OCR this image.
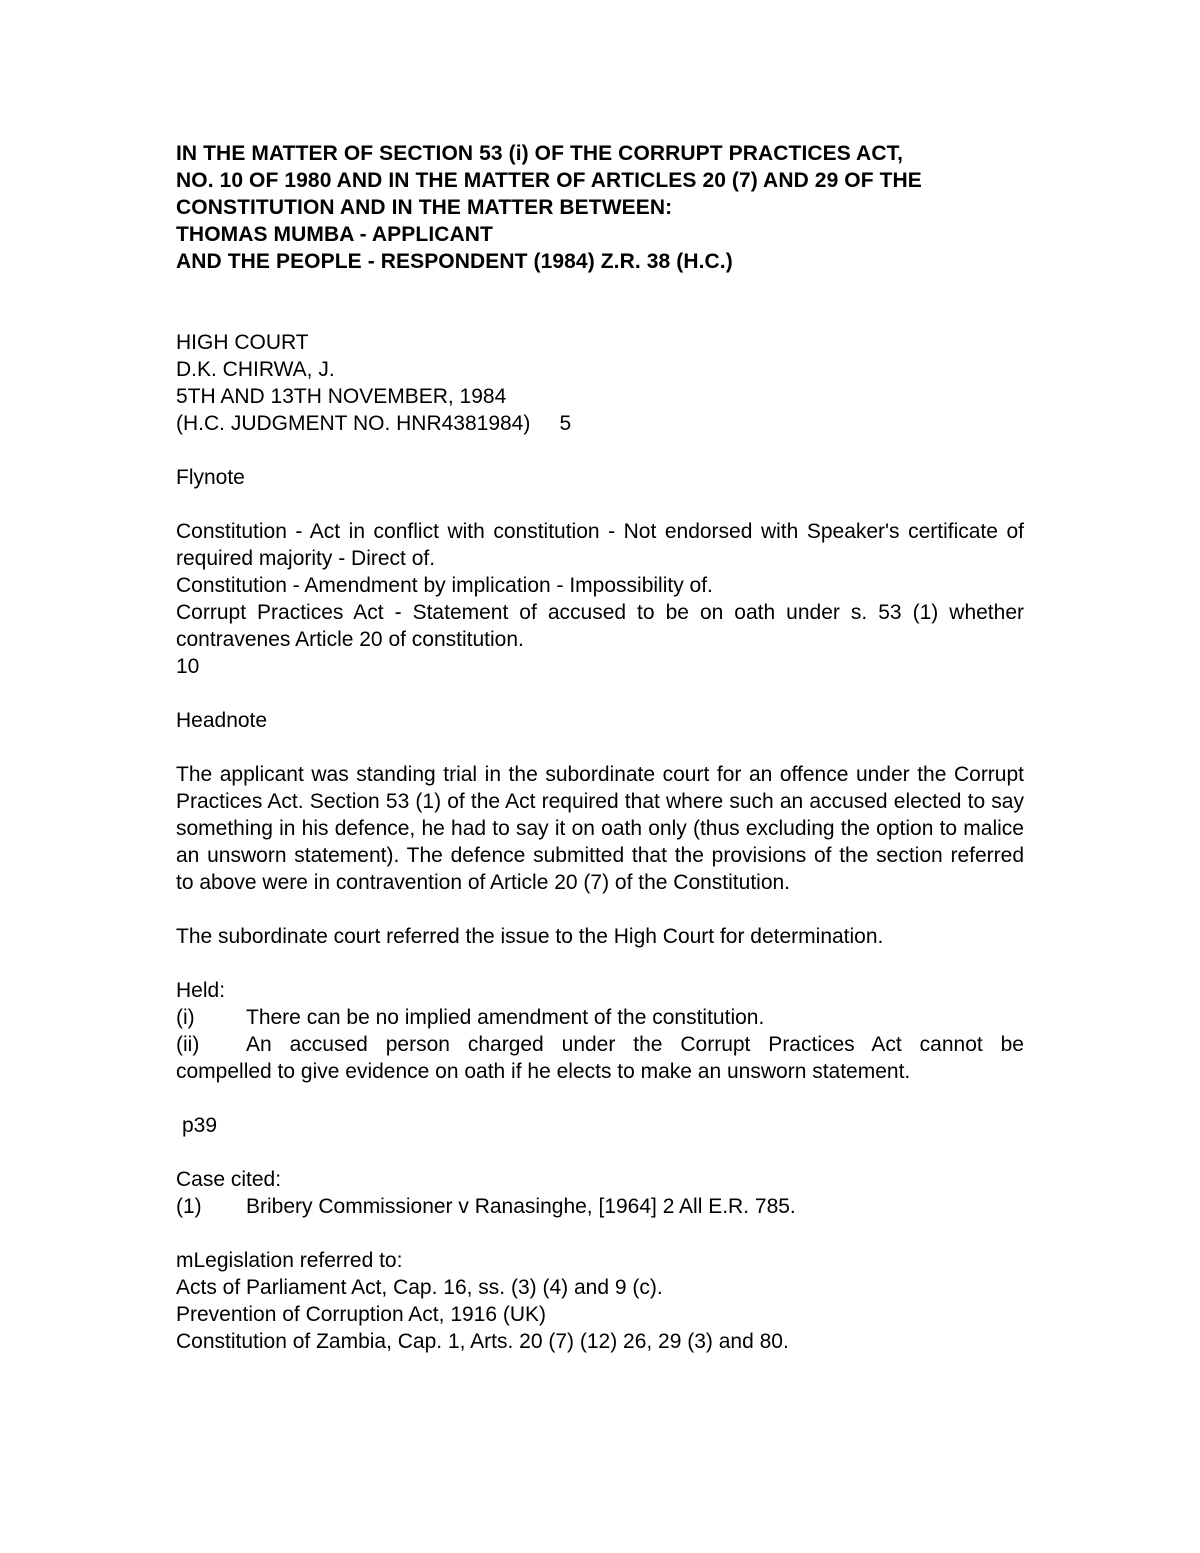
IN THE MATTER OF SECTION 53 (i) OF THE CORRUPT PRACTICES ACT,
NO. 10 OF 1980 AND IN THE MATTER OF ARTICLES 20 (7) AND 29 OF THE
CONSTITUTION AND IN THE MATTER BETWEEN:
THOMAS MUMBA - APPLICANT
AND THE PEOPLE - RESPONDENT (1984) Z.R. 38 (H.C.)
HIGH COURT
D.K. CHIRWA, J.
5TH AND 13TH NOVEMBER, 1984
(H.C. JUDGMENT NO. HNR4381984)     5
Flynote

Constitution - Act in conflict with constitution - Not endorsed with Speaker's certificate of required majority - Direct of.

Constitution - Amendment by implication - Impossibility of.

Corrupt Practices Act - Statement of accused to be on oath under s. 53 (1) whether contravenes Article 20 of constitution.

10
Headnote

The applicant was standing trial in the subordinate court for an offence under the Corrupt Practices Act. Section 53 (1) of the Act required that where such an accused elected to say something in his defence, he had to say it on oath only (thus excluding the option to malice an unsworn statement). The defence submitted that the provisions of the section referred to above were in contravention of Article 20 (7) of the Constitution.

The subordinate court referred the issue to the High Court for determination.

Held:
(i)	There can be no implied amendment of the constitution.
(ii)	An accused person charged under the Corrupt Practices Act cannot be
compelled to give evidence on oath if he elects to make an unsworn statement.
p39
Case cited:
(1)	Bribery Commissioner v Ranasinghe, [1964] 2 All E.R. 785.
mLegislation referred to:
Acts of Parliament Act, Cap. 16, ss. (3) (4) and 9 (c).
Prevention of Corruption Act, 1916 (UK)
Constitution of Zambia, Cap. 1, Arts. 20 (7) (12) 26, 29 (3) and 80.
